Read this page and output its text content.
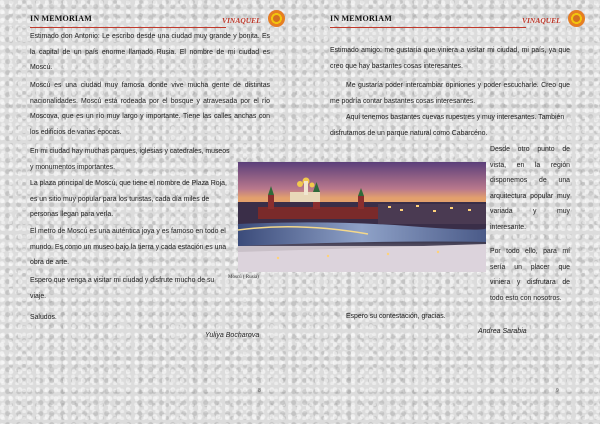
IN MEMORIAM	VINAQUEL

Estimado don Antonio: Le escribo desde una ciudad muy grande y bonita. Es la capital de un país enorme llamado Rusia. El nombre de mi ciudad es Moscú.

Moscú es una ciudad muy famosa donde vive mucha gente de distintas nacionalidades. Moscú está rodeada por el bosque y atravesada por el río Moscova, que es un río muy largo y importante. Tiene las calles anchas con los edificios de varias épocas.

En mi ciudad hay muchas parques, iglesias y catedrales, museos y monumentos importantes.

La plaza principal de Moscú, que tiene el nombre de Plaza Roja, es un sitio muy popular para los turistas, cada día miles de personas llegan para verla.

El metro de Moscú es una auténtica joya y es famoso en todo el mundo. Es como un museo bajo la tierra y cada estación es una obra de arte.

Espero que venga a visitar mi ciudad y disfrute mucho de su viaje.

Saludos.

Yuliya Bocharova
8
Moscú ( Rusia)
IN MEMORIAM	VINAQUEL

Estimado amigo: me gustaría que viniera a visitar mi ciudad, mi país, ya que creo que hay bastantes cosas interesantes.

Me gustaría poder intercambiar opiniones y poder escucharle. Creo que me podría contar bastantes cosas interesantes.

Aquí tenemos bastantes cuevas rupestres y muy interesantes. También disfrutamos de un parque natural como Cabarcéno.

Desde otro punto de vista, en la región disponemos de una arquitectura popular muy variada y muy interesante.

Por todo ello, para mí sería un placer que viniera y disfrutara de todo esto con nosotros.

Espero su contestación, gracias.

Andrea Sarabia
9
